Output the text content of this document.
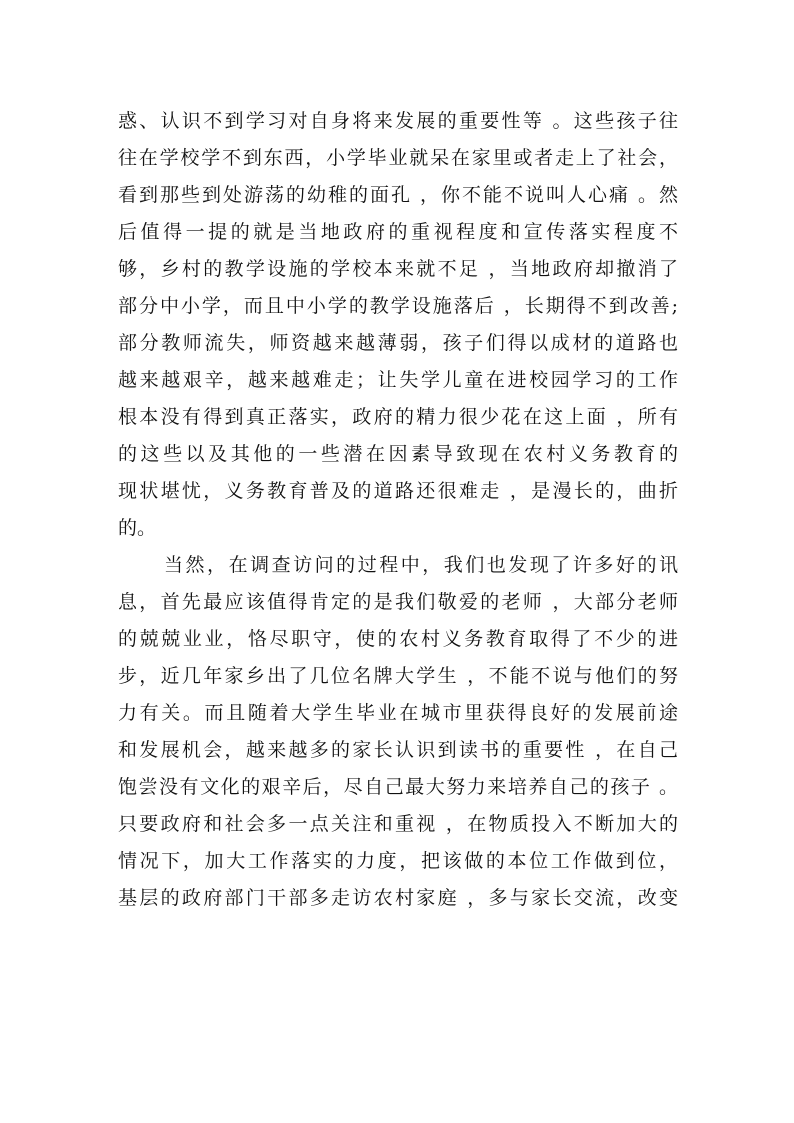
惑、认识不到学习对自身将来发展的重要性等 。这些孩子往
往在学校学不到东西，小学毕业就呆在家里或者走上了社会，
看到那些到处游荡的幼稚的面孔 ，你不能不说叫人心痛 。然
后值得一提的就是当地政府的重视程度和宣传落实程度不
够，乡村的教学设施的学校本来就不足 ，当地政府却撤消了
部分中小学，而且中小学的教学设施落后 ，长期得不到改善;
部分教师流失，师资越来越薄弱，孩子们得以成材的道路也
越来越艰辛，越来越难走；让失学儿童在进校园学习的工作
根本没有得到真正落实，政府的精力很少花在这上面 ，所有
的这些以及其他的一些潜在因素导致现在农村义务教育的
现状堪忧，义务教育普及的道路还很难走 ，是漫长的，曲折
的。
当然，在调查访问的过程中，我们也发现了许多好的讯
息，首先最应该值得肯定的是我们敬爱的老师 ，大部分老师
的兢兢业业，恪尽职守，使的农村义务教育取得了不少的进
步，近几年家乡出了几位名牌大学生 ，不能不说与他们的努
力有关。而且随着大学生毕业在城市里获得良好的发展前途
和发展机会，越来越多的家长认识到读书的重要性 ，在自己
饱尝没有文化的艰辛后，尽自己最大努力来培养自己的孩子 。
只要政府和社会多一点关注和重视 ，在物质投入不断加大的
情况下，加大工作落实的力度，把该做的本位工作做到位，
基层的政府部门干部多走访农村家庭 ，多与家长交流，改变
